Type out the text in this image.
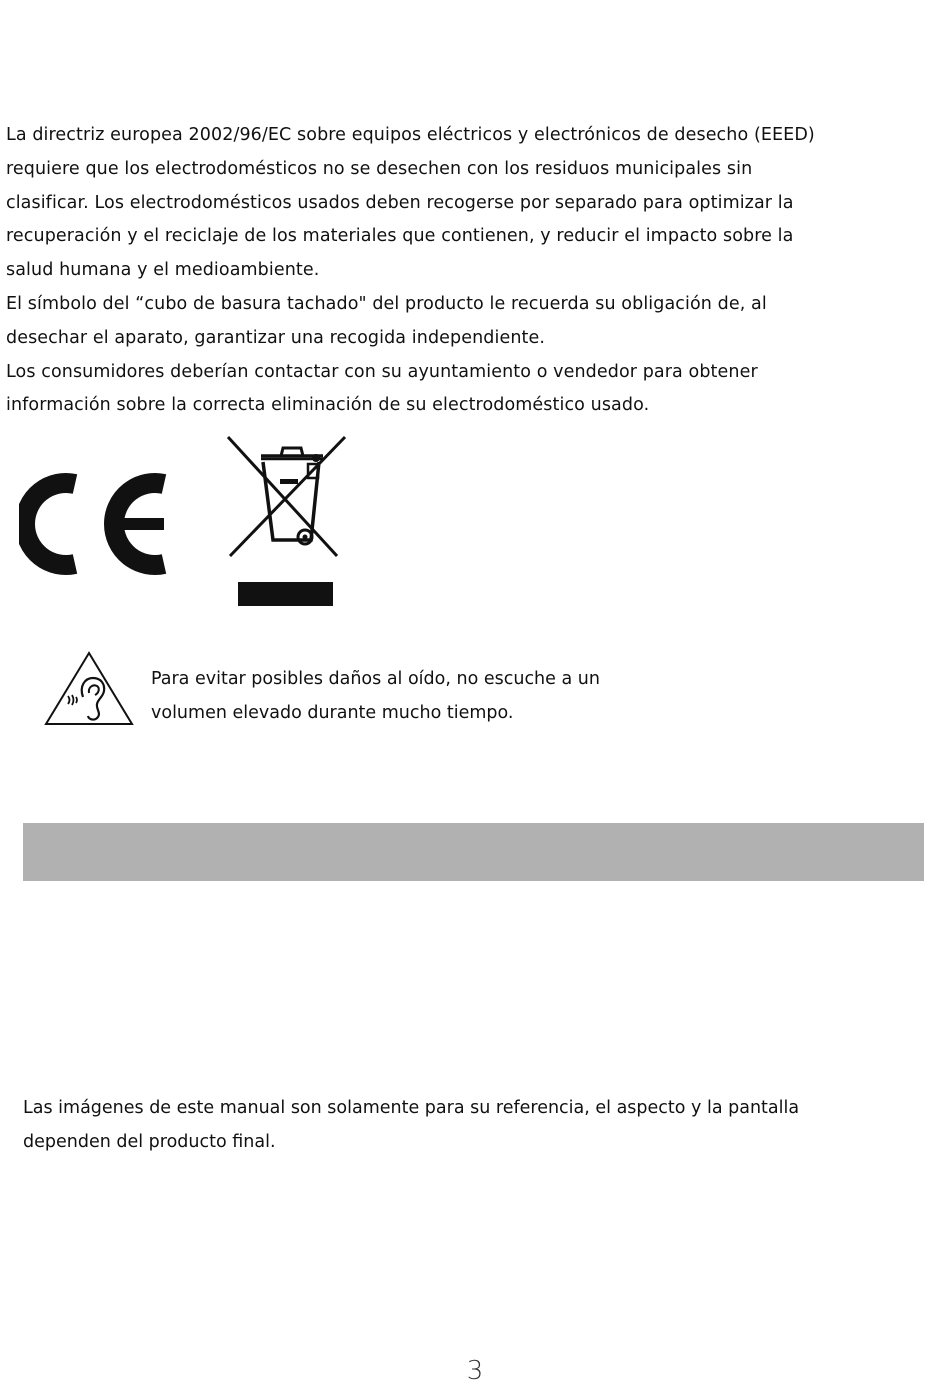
La directriz europea 2002/96/EC sobre equipos eléctricos y electrónicos de desecho (EEED)

requiere que los electrodomésticos no se desechen con los residuos municipales sin

clasificar. Los electrodomésticos usados deben recogerse por separado para optimizar la

recuperación y el reciclaje de los materiales que contienen, y reducir el impacto sobre la

salud humana y el medioambiente.

El símbolo del “cubo de basura tachado" del producto le recuerda su obligación de, al

desechar el aparato, garantizar una recogida independiente.

Los consumidores deberían contactar con su ayuntamiento o vendedor para obtener

información sobre la correcta eliminación de su electrodoméstico usado.

Para evitar posibles daños al oído, no escuche a un

volumen elevado durante mucho tiempo.

Las imágenes de este manual son solamente para su referencia, el aspecto y la pantalla

dependen del producto final.

3
